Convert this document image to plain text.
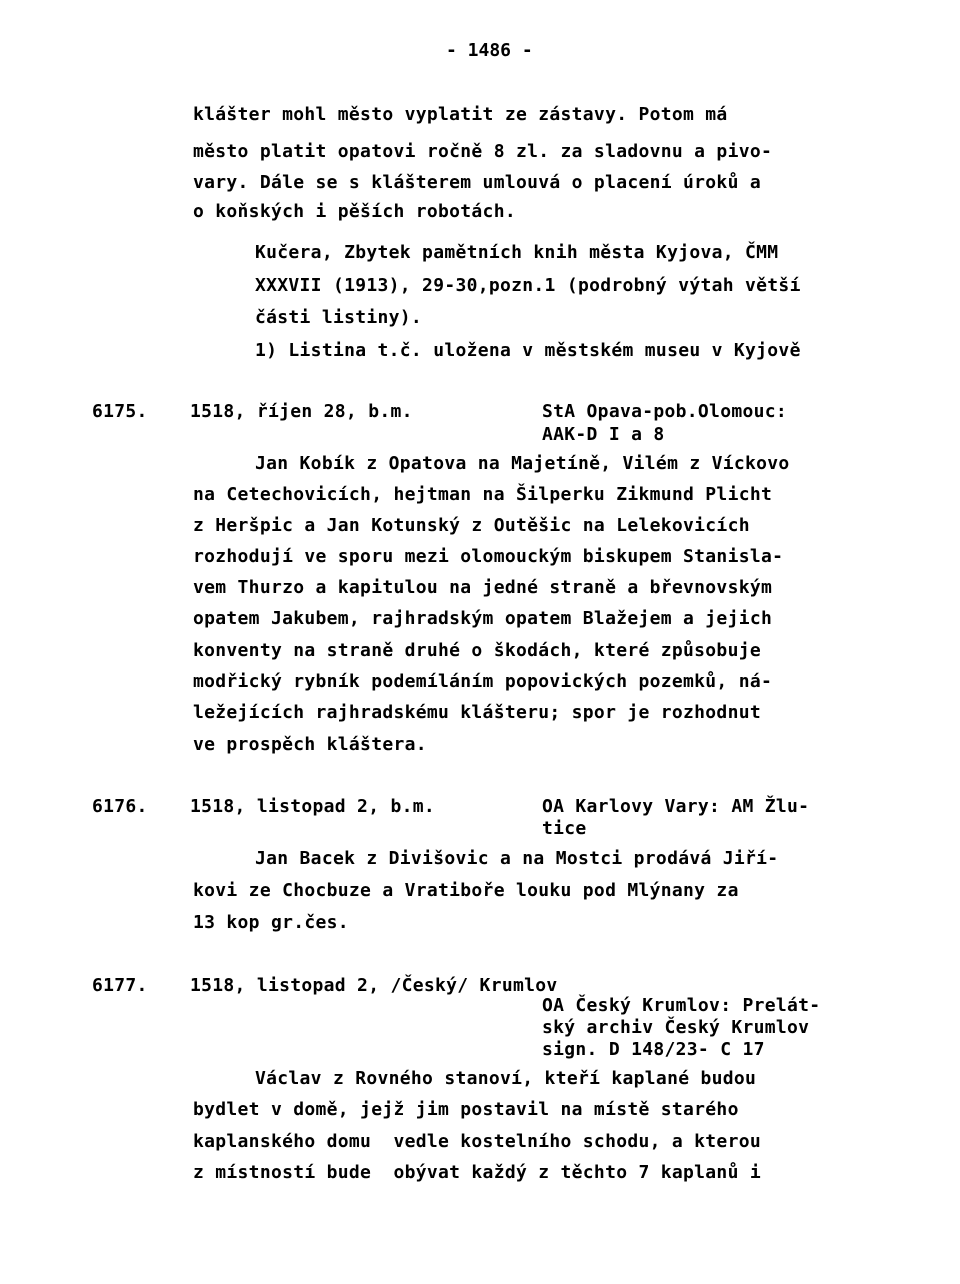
- 1486 -
klášter mohl město vyplatit ze zástavy. Potom má
město platit opatovi ročně 8 zl. za sladovnu a pivo-
vary. Dále se s klášterem umlouvá o placení úroků a
o koňských i pěších robotách.
Kučera, Zbytek pamětních knih města Kyjova, ČMM
XXXVII (1913), 29-30,pozn.1 (podrobný výtah větší
části listiny).
1) Listina t.č. uložena v městském museu v Kyjově
6175. 1518, říjen 28, b.m.	StA Opava-pob.Olomouc:
AAK-D I a 8
Jan Kobík z Opatova na Majetíně, Vilém z Víckovo
na Cetechovicích, hejtman na Šilperku Zikmund Plicht
z Heršpic a Jan Kotunský z Outěšic na Lelekovicích
rozhodují ve sporu mezi olomouckým biskupem Stanisla-
vem Thurzo a kapitulou na jedné straně a břevnovským
opatem Jakubem, rajhradským opatem Blažejem a jejich
konventy na straně druhé o škodách, které způsobuje
modřický rybník podemíláním popovických pozemků, ná-
ležejících rajhradskému klášteru; spor je rozhodnut
ve prospěch kláštera.
6176. 1518, listopad 2, b.m.	OA Karlovy Vary: AM Žlu-
tice
Jan Bacek z Divišovic a na Mostci prodává Jiří-
kovi ze Chocbuze a Vratiboře louku pod Mlýnany za
13 kop gr.čes.
6177. 1518, listopad 2, /Český/ Krumlov
OA Český Krumlov: Prelát-
ský archiv Český Krumlov
sign. D 148/23- C 17
Václav z Rovného stanoví, kteří kaplané budou
bydlet v domě, jejž jim postavil na místě starého
kaplanského domu  vedle kostelního schodu, a kterou
z místností bude  obývat každý z těchto 7 kaplanů i
